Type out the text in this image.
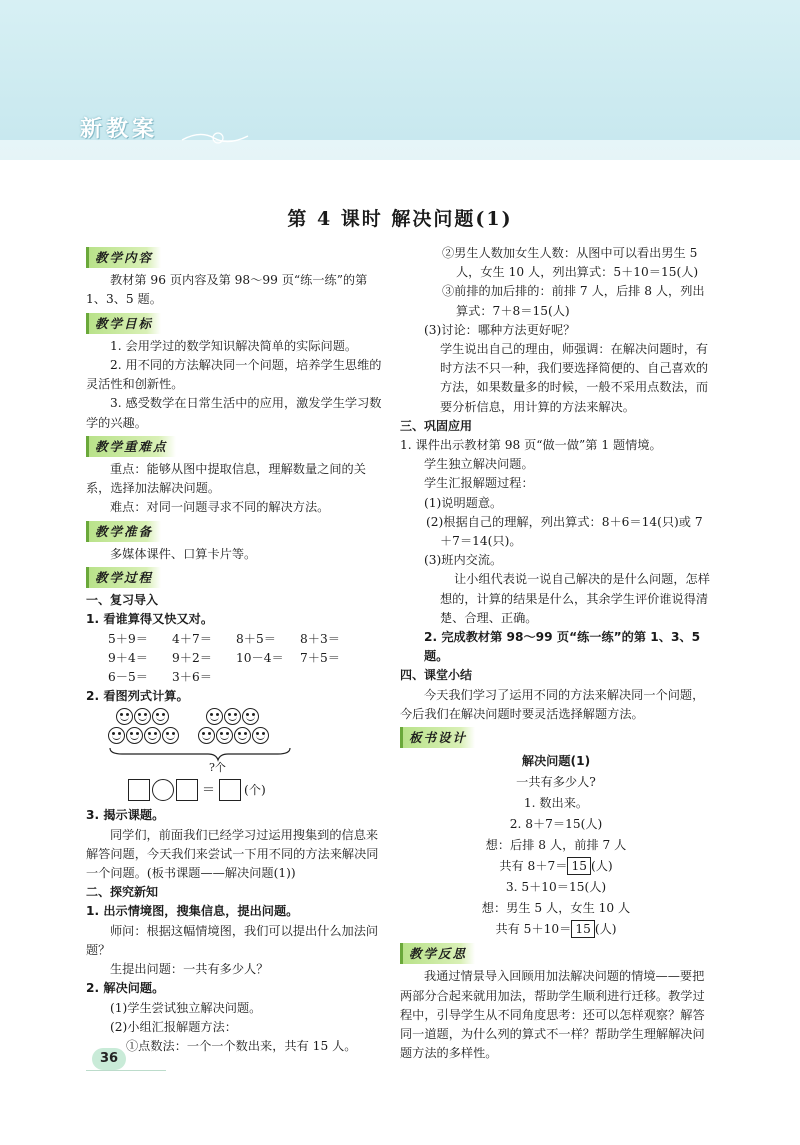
新教案
第 4 课时 解决问题(1)
教学内容

教材第 96 页内容及第 98～99 页“练一练”的第 1、3、5 题。

教学目标

1. 会用学过的数学知识解决简单的实际问题。

2. 用不同的方法解决同一个问题，培养学生思维的灵活性和创新性。

3. 感受数学在日常生活中的应用，激发学生学习数学的兴趣。

教学重难点

重点：能够从图中提取信息，理解数量之间的关系，选择加法解决问题。

难点：对同一问题寻求不同的解决方法。

教学准备

多媒体课件、口算卡片等。

教学过程

一、复习导入

1. 看谁算得又快又对。

5＋9＝	4＋7＝	8＋5＝	8＋3＝
9＋4＝	9＋2＝	10－4＝	7＋5＝
6－5＝	3＋6＝

2. 看图列式计算。

?个
＝ (个)

3. 揭示课题。

同学们，前面我们已经学习过运用搜集到的信息来解答问题，今天我们来尝试一下用不同的方法来解决同一个问题。(板书课题——解决问题(1))

二、探究新知

1. 出示情境图，搜集信息，提出问题。

师问：根据这幅情境图，我们可以提出什么加法问题？

生提出问题：一共有多少人？

2. 解决问题。

(1)学生尝试独立解决问题。

(2)小组汇报解题方法：

①点数法：一个一个数出来，共有 15 人。

②男生人数加女生人数：从图中可以看出男生 5 人，女生 10 人，列出算式：5＋10＝15(人)

③前排的加后排的：前排 7 人，后排 8 人，列出算式：7＋8＝15(人)

(3)讨论：哪种方法更好呢？

学生说出自己的理由，师强调：在解决问题时，有时方法不只一种，我们要选择简便的、自己喜欢的方法，如果数量多的时候，一般不采用点数法，而要分析信息，用计算的方法来解决。

三、巩固应用

1. 课件出示教材第 98 页“做一做”第 1 题情境。

学生独立解决问题。

学生汇报解题过程：

(1)说明题意。

(2)根据自己的理解，列出算式：8＋6＝14(只)或 7＋7＝14(只)。

(3)班内交流。

让小组代表说一说自己解决的是什么问题，怎样想的，计算的结果是什么，其余学生评价谁说得清楚、合理、正确。

2. 完成教材第 98～99 页“练一练”的第 1、3、5 题。

四、课堂小结

今天我们学习了运用不同的方法来解决同一个问题，今后我们在解决问题时要灵活选择解题方法。

板书设计
解决问题(1)
一共有多少人?
1. 数出来。
2. 8＋7＝15(人)
想：后排 8 人，前排 7 人
共有 8＋7＝ 15 (人)
3. 5＋10＝15(人)
想：男生 5 人，女生 10 人
共有 5＋10＝ 15 (人)
教学反思

我通过情景导入回顾用加法解决问题的情境——要把两部分合起来就用加法，帮助学生顺利进行迁移。教学过程中，引导学生从不同角度思考：还可以怎样观察？解答同一道题，为什么列的算式不一样？帮助学生理解解决问题方法的多样性。

36
